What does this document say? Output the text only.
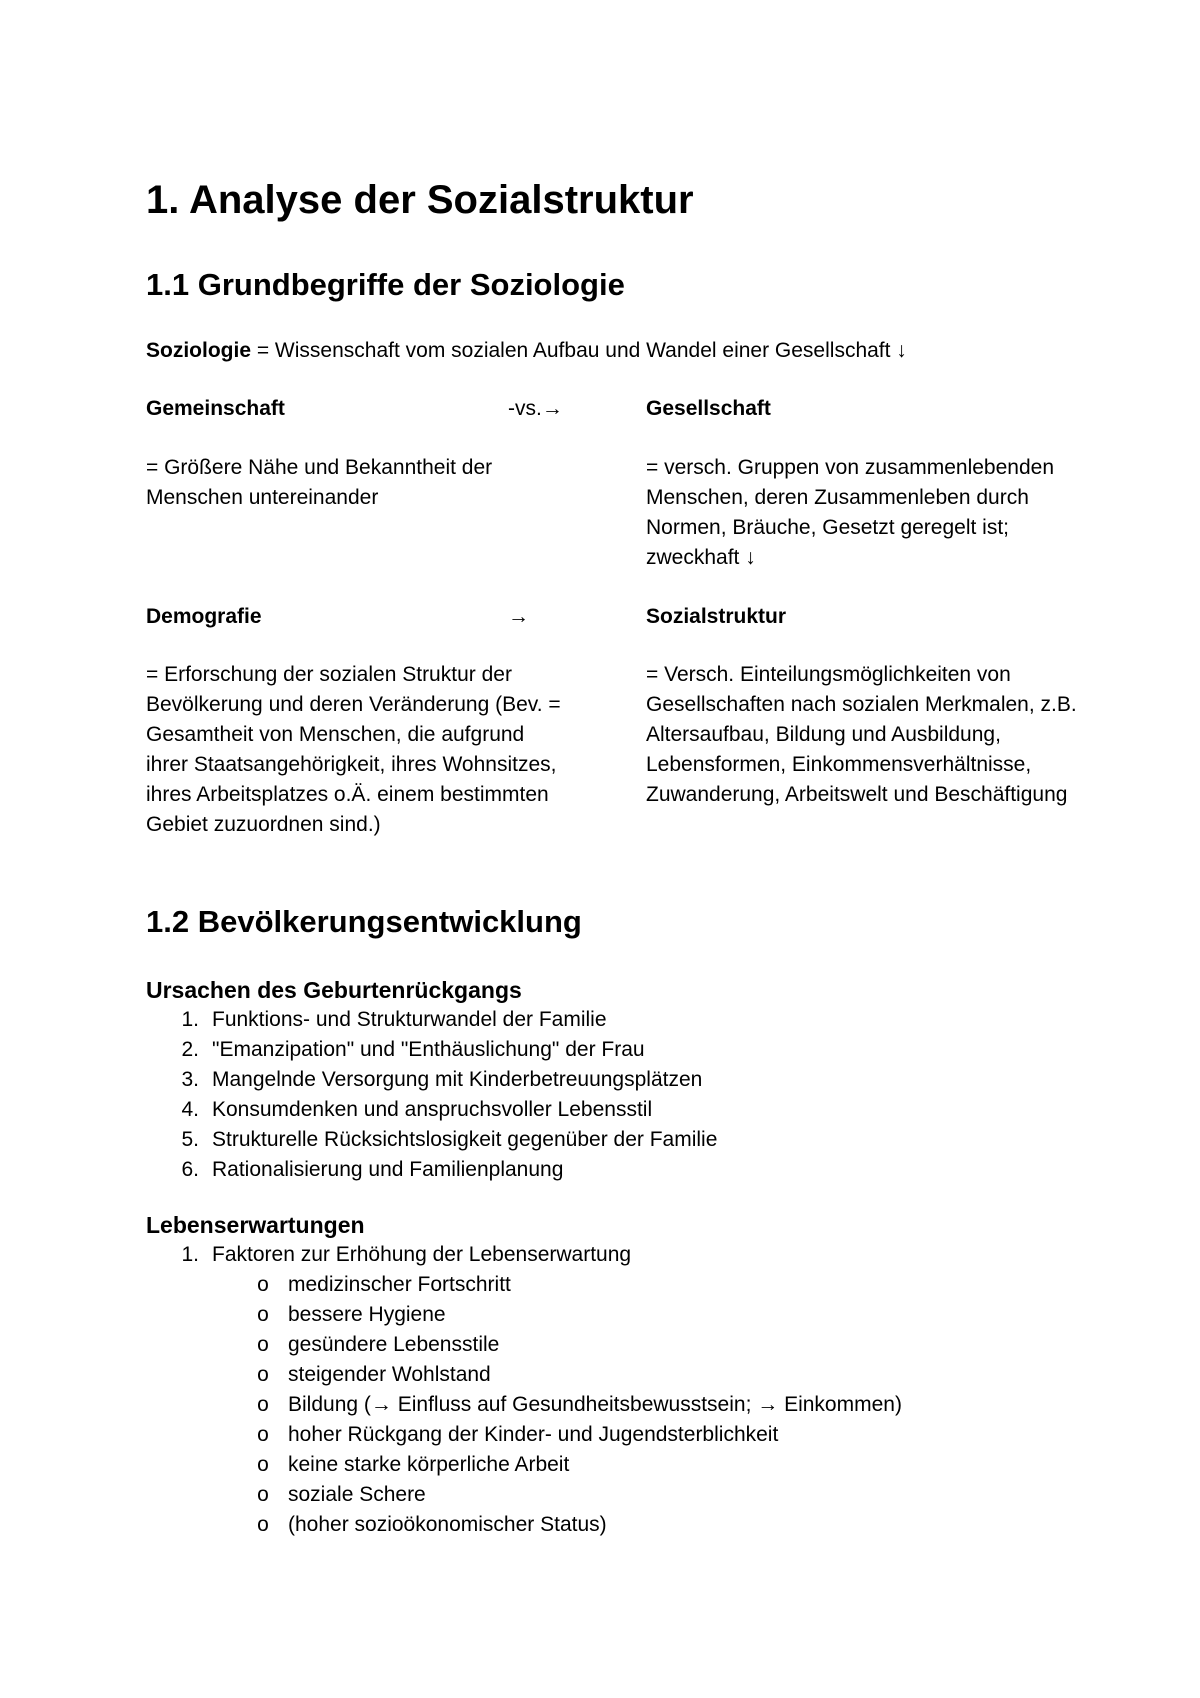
1. Analyse der Sozialstruktur
1.1 Grundbegriffe der Soziologie
Soziologie = Wissenschaft vom sozialen Aufbau und Wandel einer Gesellschaft ↓
Gemeinschaft	-vs.→	Gesellschaft
= Größere Nähe und Bekanntheit der Menschen untereinander
= versch. Gruppen von zusammenlebenden Menschen, deren Zusammenleben durch Normen, Bräuche, Gesetzt geregelt ist; zweckhaft ↓
Demografie	→	Sozialstruktur
= Erforschung der sozialen Struktur der Bevölkerung und deren Veränderung (Bev. = Gesamtheit von Menschen, die aufgrund ihrer Staatsangehörigkeit, ihres Wohnsitzes, ihres Arbeitsplatzes o.Ä. einem bestimmten Gebiet zuzuordnen sind.)
= Versch. Einteilungsmöglichkeiten von Gesellschaften nach sozialen Merkmalen, z.B. Altersaufbau, Bildung und Ausbildung, Lebensformen, Einkommensverhältnisse, Zuwanderung, Arbeitswelt und Beschäftigung
1.2 Bevölkerungsentwicklung
Ursachen des Geburtenrückgangs
1. Funktions- und Strukturwandel der Familie
2. "Emanzipation" und "Enthäuslichung" der Frau
3. Mangelnde Versorgung mit Kinderbetreuungsplätzen
4. Konsumdenken und anspruchsvoller Lebensstil
5. Strukturelle Rücksichtslosigkeit gegenüber der Familie
6. Rationalisierung und Familienplanung
Lebenserwartungen
1. Faktoren zur Erhöhung der Lebenserwartung
o medizinscher Fortschritt
o bessere Hygiene
o gesündere Lebensstile
o steigender Wohlstand
o Bildung (→ Einfluss auf Gesundheitsbewusstsein; → Einkommen)
o hoher Rückgang der Kinder- und Jugendsterblichkeit
o keine starke körperliche Arbeit
o soziale Schere
o (hoher sozioökonomischer Status)
